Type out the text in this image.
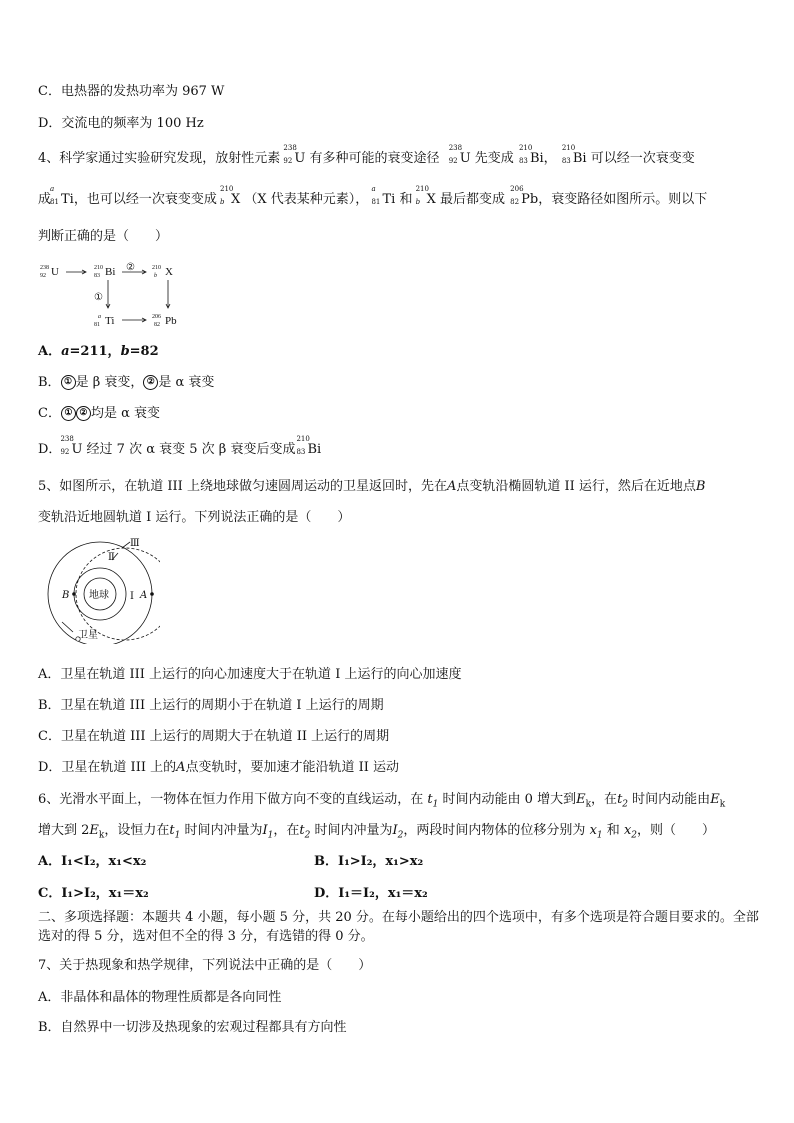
C．电热器的发热功率为 967 W
D．交流电的频率为 100 Hz
4、科学家通过实验研究发现，放射性元素
238
92 U 有多种可能的衰变途径
238
92 U 先变成
210
83 Bi，
210
83 Bi 可以经一次衰变变
成
a
81 Ti，也可以经一次衰变变成
210
b X （X 代表某种元素），
a
81 Ti 和
210
b X 最后都变成
206
82 Pb，衰变路径如图所示。则以下
判断正确的是（　　）
238
92 U	210
83 Bi	210
b X
a
81 Ti	206
82 Pb
②
①
A．a=211，b=82
B． ① 是 β 衰变， ② 是 α 衰变
C． ① ② 均是 α 衰变
D．
238
92 U 经过 7 次 α 衰变 5 次 β 衰变后变成
210
83 Bi
5、如图所示，在轨道 III 上绕地球做匀速圆周运动的卫星返回时，先在A点变轨沿椭圆轨道 II 运行，然后在近地点B
变轨沿近地圆轨道 I 运行。下列说法正确的是（　　）
地球 I
Ⅱ
Ⅲ
B	A
卫星
A．卫星在轨道 III 上运行的向心加速度大于在轨道 I 上运行的向心加速度
B．卫星在轨道 III 上运行的周期小于在轨道 I 上运行的周期
C．卫星在轨道 III 上运行的周期大于在轨道 II 上运行的周期
D．卫星在轨道 III 上的A点变轨时，要加速才能沿轨道 II 运动
6、光滑水平面上，一物体在恒力作用下做方向不变的直线运动，在 $t_1$ 时间内动能由 0 增大到$E_k$，在$t_2$ 时间内动能由$E_k$
增大到 $2E_k$，设恒力在$t_1$ 时间内冲量为$I_1$，在$t_2$ 时间内冲量为$I_2$，两段时间内物体的位移分别为 $x_1$ 和 $x_2$，则（　　）
A．I₁<I₂，x₁<x₂	B．I₁>I₂，x₁>x₂
C．I₁>I₂，x₁＝x₂	D．I₁＝I₂，x₁＝x₂
二、多项选择题：本题共 4 小题，每小题 5 分，共 20 分。在每小题给出的四个选项中，有多个选项是符合题目要求的。全部选对的得 5 分，选对但不全的得 3 分，有选错的得 0 分。
7、关于热现象和热学规律，下列说法中正确的是（　　）
A．非晶体和晶体的物理性质都是各向同性
B．自然界中一切涉及热现象的宏观过程都具有方向性
